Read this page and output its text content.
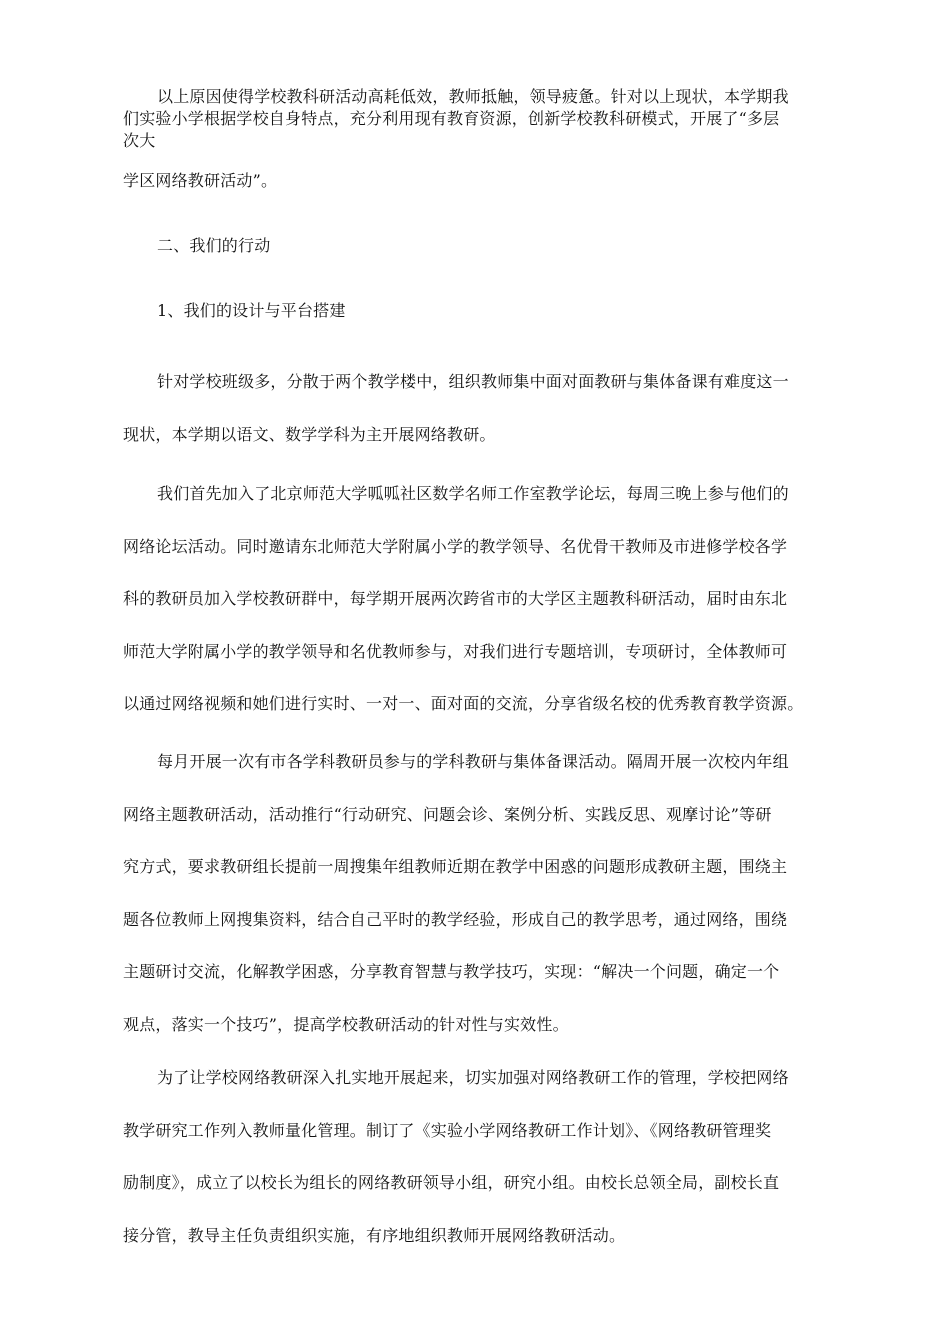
以上原因使得学校教科研活动高耗低效，教师抵触，领导疲惫。针对以上现状，本学期我
们实验小学根据学校自身特点，充分利用现有教育资源，创新学校教科研模式，开展了“多层
次大
学区网络教研活动”。
二、我们的行动
1、我们的设计与平台搭建
针对学校班级多，分散于两个教学楼中，组织教师集中面对面教研与集体备课有难度这一
现状，本学期以语文、数学学科为主开展网络教研。
我们首先加入了北京师范大学呱呱社区数学名师工作室教学论坛，每周三晚上参与他们的
网络论坛活动。同时邀请东北师范大学附属小学的教学领导、名优骨干教师及市进修学校各学
科的教研员加入学校教研群中，每学期开展两次跨省市的大学区主题教科研活动，届时由东北
师范大学附属小学的教学领导和名优教师参与，对我们进行专题培训，专项研讨，全体教师可
以通过网络视频和她们进行实时、一对一、面对面的交流，分享省级名校的优秀教育教学资源。
每月开展一次有市各学科教研员参与的学科教研与集体备课活动。隔周开展一次校内年组
网络主题教研活动，活动推行“行动研究、问题会诊、案例分析、实践反思、观摩讨论”等研
究方式，要求教研组长提前一周搜集年组教师近期在教学中困惑的问题形成教研主题，围绕主
题各位教师上网搜集资料，结合自己平时的教学经验，形成自己的教学思考，通过网络，围绕
主题研讨交流，化解教学困惑，分享教育智慧与教学技巧，实现：“解决一个问题，确定一个
观点，落实一个技巧”，提高学校教研活动的针对性与实效性。
为了让学校网络教研深入扎实地开展起来，切实加强对网络教研工作的管理，学校把网络
教学研究工作列入教师量化管理。制订了《实验小学网络教研工作计划》、《网络教研管理奖
励制度》，成立了以校长为组长的网络教研领导小组，研究小组。由校长总领全局，副校长直
接分管，教导主任负责组织实施，有序地组织教师开展网络教研活动。
